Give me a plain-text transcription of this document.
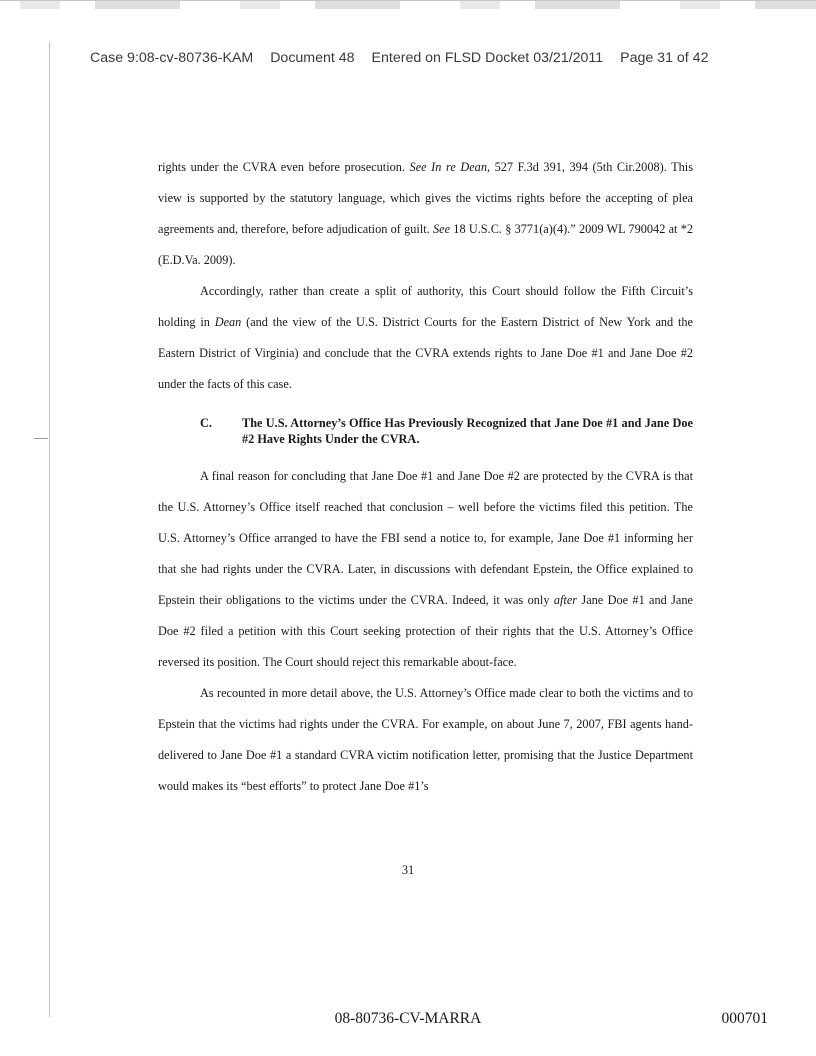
Case 9:08-cv-80736-KAM Document 48 Entered on FLSD Docket 03/21/2011 Page 31 of 42

rights under the CVRA even before prosecution. See In re Dean, 527 F.3d 391, 394 (5th Cir.2008). This view is supported by the statutory language, which gives the victims rights before the accepting of plea agreements and, therefore, before adjudication of guilt. See 18 U.S.C. § 3771(a)(4).” 2009 WL 790042 at *2 (E.D.Va. 2009).

Accordingly, rather than create a split of authority, this Court should follow the Fifth Circuit’s holding in Dean (and the view of the U.S. District Courts for the Eastern District of New York and the Eastern District of Virginia) and conclude that the CVRA extends rights to Jane Doe #1 and Jane Doe #2 under the facts of this case.

C.	The U.S. Attorney’s Office Has Previously Recognized that Jane Doe #1 and Jane Doe #2 Have Rights Under the CVRA.

A final reason for concluding that Jane Doe #1 and Jane Doe #2 are protected by the CVRA is that the U.S. Attorney’s Office itself reached that conclusion – well before the victims filed this petition. The U.S. Attorney’s Office arranged to have the FBI send a notice to, for example, Jane Doe #1 informing her that she had rights under the CVRA. Later, in discussions with defendant Epstein, the Office explained to Epstein their obligations to the victims under the CVRA. Indeed, it was only after Jane Doe #1 and Jane Doe #2 filed a petition with this Court seeking protection of their rights that the U.S. Attorney’s Office reversed its position. The Court should reject this remarkable about-face.

As recounted in more detail above, the U.S. Attorney’s Office made clear to both the victims and to Epstein that the victims had rights under the CVRA. For example, on about June 7, 2007, FBI agents hand-delivered to Jane Doe #1 a standard CVRA victim notification letter, promising that the Justice Department would makes its “best efforts” to protect Jane Doe #1’s

31
08-80736-CV-MARRA	000701
